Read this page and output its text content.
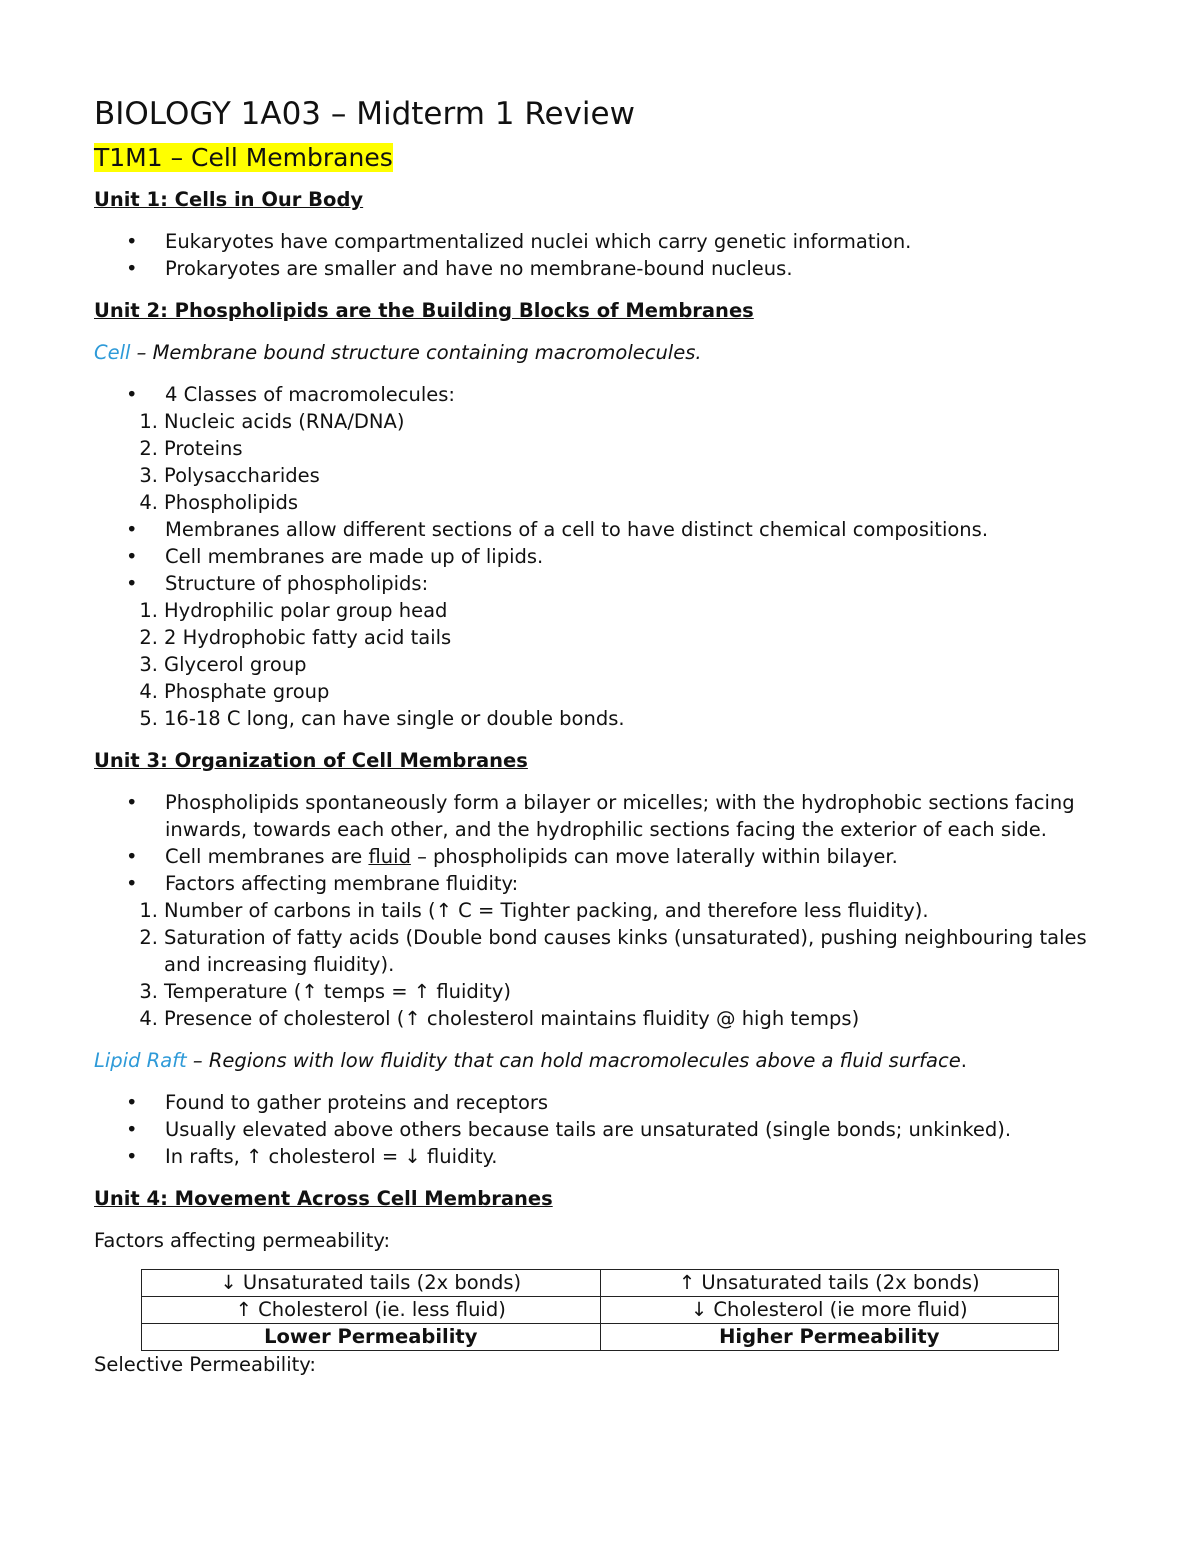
BIOLOGY 1A03 – Midterm 1 Review
T1M1 – Cell Membranes
Unit 1: Cells in Our Body
• Eukaryotes have compartmentalized nuclei which carry genetic information.
• Prokaryotes are smaller and have no membrane-bound nucleus.
Unit 2: Phospholipids are the Building Blocks of Membranes
Cell – Membrane bound structure containing macromolecules.
• 4 Classes of macromolecules:
1. Nucleic acids (RNA/DNA)
2. Proteins
3. Polysaccharides
4. Phospholipids
• Membranes allow different sections of a cell to have distinct chemical compositions.
• Cell membranes are made up of lipids.
• Structure of phospholipids:
1. Hydrophilic polar group head
2. 2 Hydrophobic fatty acid tails
3. Glycerol group
4. Phosphate group
5. 16-18 C long, can have single or double bonds.
Unit 3: Organization of Cell Membranes
• Phospholipids spontaneously form a bilayer or micelles; with the hydrophobic sections facing inwards, towards each other, and the hydrophilic sections facing the exterior of each side.
• Cell membranes are fluid – phospholipids can move laterally within bilayer.
• Factors affecting membrane fluidity:
1. Number of carbons in tails (↑ C = Tighter packing, and therefore less fluidity).
2. Saturation of fatty acids (Double bond causes kinks (unsaturated), pushing neighbouring tales and increasing fluidity).
3. Temperature (↑ temps = ↑ fluidity)
4. Presence of cholesterol (↑ cholesterol maintains fluidity @ high temps)
Lipid Raft – Regions with low fluidity that can hold macromolecules above a fluid surface.
• Found to gather proteins and receptors
• Usually elevated above others because tails are unsaturated (single bonds; unkinked).
• In rafts, ↑ cholesterol = ↓ fluidity.
Unit 4: Movement Across Cell Membranes
Factors affecting permeability:
↓ Unsaturated tails (2x bonds)	↑ Unsaturated tails (2x bonds)
↑ Cholesterol (ie. less fluid)	↓ Cholesterol (ie more fluid)
Lower Permeability	Higher Permeability
Selective Permeability:
